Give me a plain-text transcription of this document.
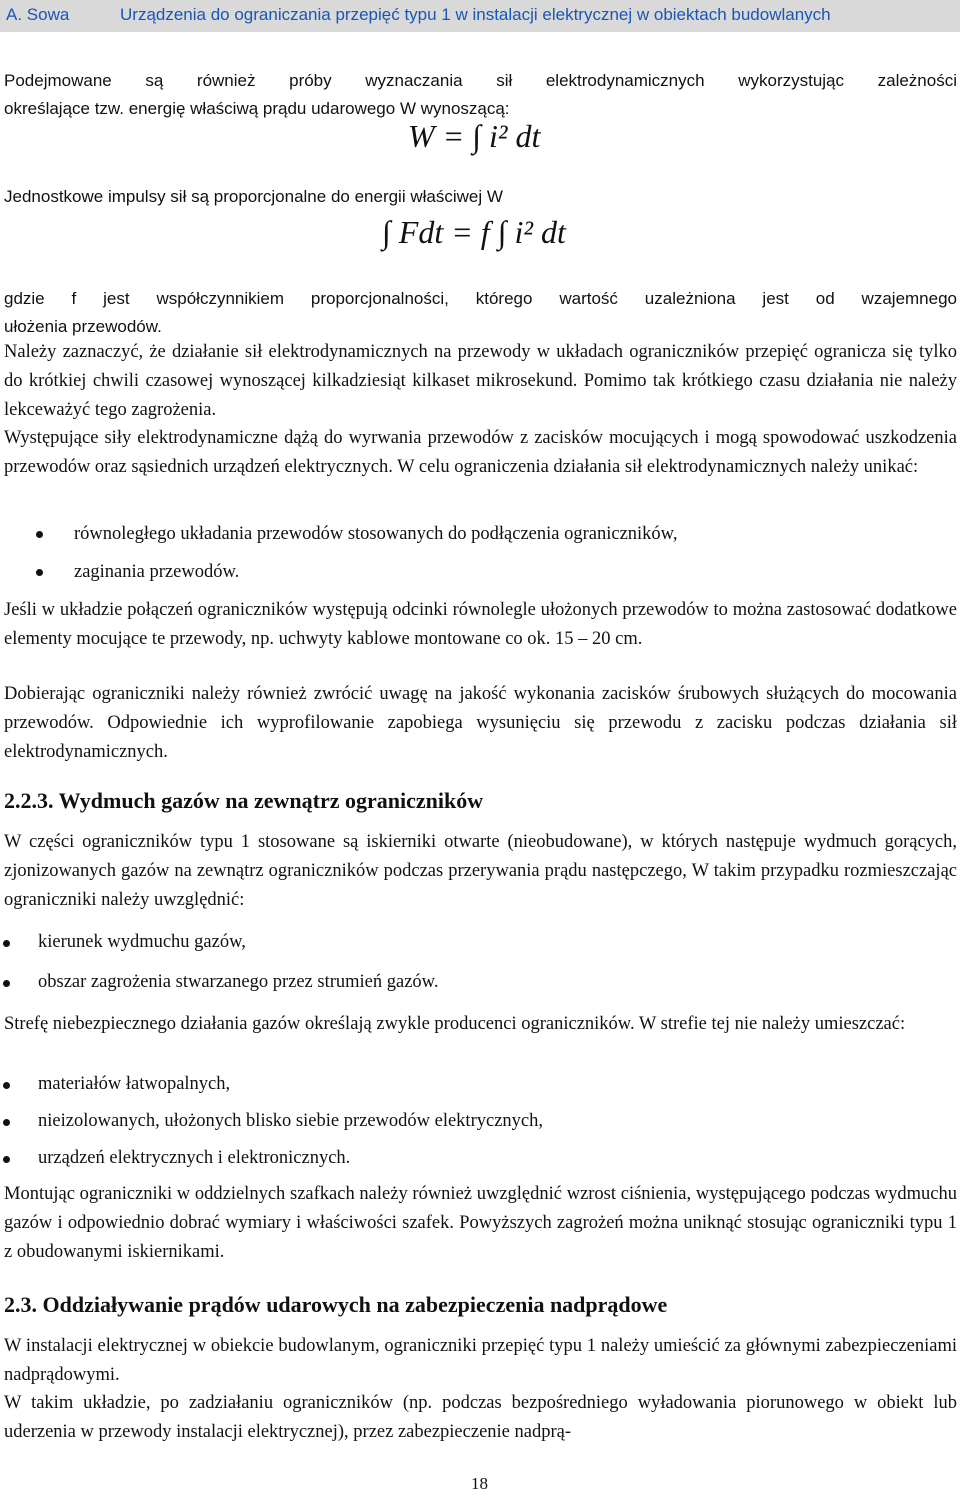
A. Sowa	Urządzenia do ograniczania przepięć typu 1 w instalacji elektrycznej w obiektach budowlanych
Podejmowane są również próby wyznaczania sił elektrodynamicznych wykorzystując zależności
określające tzw. energię właściwą prądu udarowego W wynoszącą:
W = ∫ i² dt
Jednostkowe impulsy sił są proporcjonalne do energii właściwej W
∫ Fdt = f ∫ i² dt
gdzie f jest współczynnikiem proporcjonalności, którego wartość uzależniona jest od wzajemnego
ułożenia przewodów.
Należy zaznaczyć, że działanie sił elektrodynamicznych na przewody w układach ograniczników przepięć ogranicza się tylko do krótkiej chwili czasowej wynoszącej kilkadziesiąt kilkaset mikrosekund. Pomimo tak krótkiego czasu działania nie należy lekceważyć tego zagrożenia.
Występujące siły elektrodynamiczne dążą do wyrwania przewodów z zacisków mocujących i mogą spowodować uszkodzenia przewodów oraz sąsiednich urządzeń elektrycznych. W celu ograniczenia działania sił elektrodynamicznych należy unikać:
równoległego układania przewodów stosowanych do podłączenia ograniczników,
zaginania przewodów.
Jeśli w układzie połączeń ograniczników występują odcinki równolegle ułożonych przewodów to można zastosować dodatkowe elementy mocujące te przewody, np. uchwyty kablowe montowane co ok. 15 – 20 cm.
Dobierając ograniczniki należy również zwrócić uwagę na jakość wykonania zacisków śrubowych służących do mocowania przewodów. Odpowiednie ich wyprofilowanie zapobiega wysunięciu się przewodu z zacisku podczas działania sił elektrodynamicznych.
2.2.3. Wydmuch gazów na zewnątrz ograniczników
W części ograniczników typu 1 stosowane są iskierniki otwarte (nieobudowane), w których następuje wydmuch gorących, zjonizowanych gazów na zewnątrz ograniczników podczas przerywania prądu następczego, W takim przypadku rozmieszczając ograniczniki należy uwzględnić:
kierunek wydmuchu gazów,
obszar zagrożenia stwarzanego przez strumień gazów.
Strefę niebezpiecznego działania gazów określają zwykle producenci ograniczników. W strefie tej nie należy umieszczać:
materiałów łatwopalnych,
nieizolowanych, ułożonych blisko siebie przewodów elektrycznych,
urządzeń elektrycznych i elektronicznych.
Montując ograniczniki w oddzielnych szafkach należy również uwzględnić wzrost ciśnienia, występującego podczas wydmuchu gazów i odpowiednio dobrać wymiary i właściwości szafek. Powyższych zagrożeń można uniknąć stosując ograniczniki typu 1 z obudowanymi iskiernikami.
2.3. Oddziaływanie prądów udarowych na zabezpieczenia nadprądowe
W instalacji elektrycznej w obiekcie budowlanym, ograniczniki przepięć typu 1 należy umieścić za głównymi zabezpieczeniami nadprądowymi.
W takim układzie, po zadziałaniu ograniczników (np. podczas bezpośredniego wyładowania piorunowego w obiekt lub uderzenia w przewody instalacji elektrycznej), przez zabezpieczenie nadprą-
18
